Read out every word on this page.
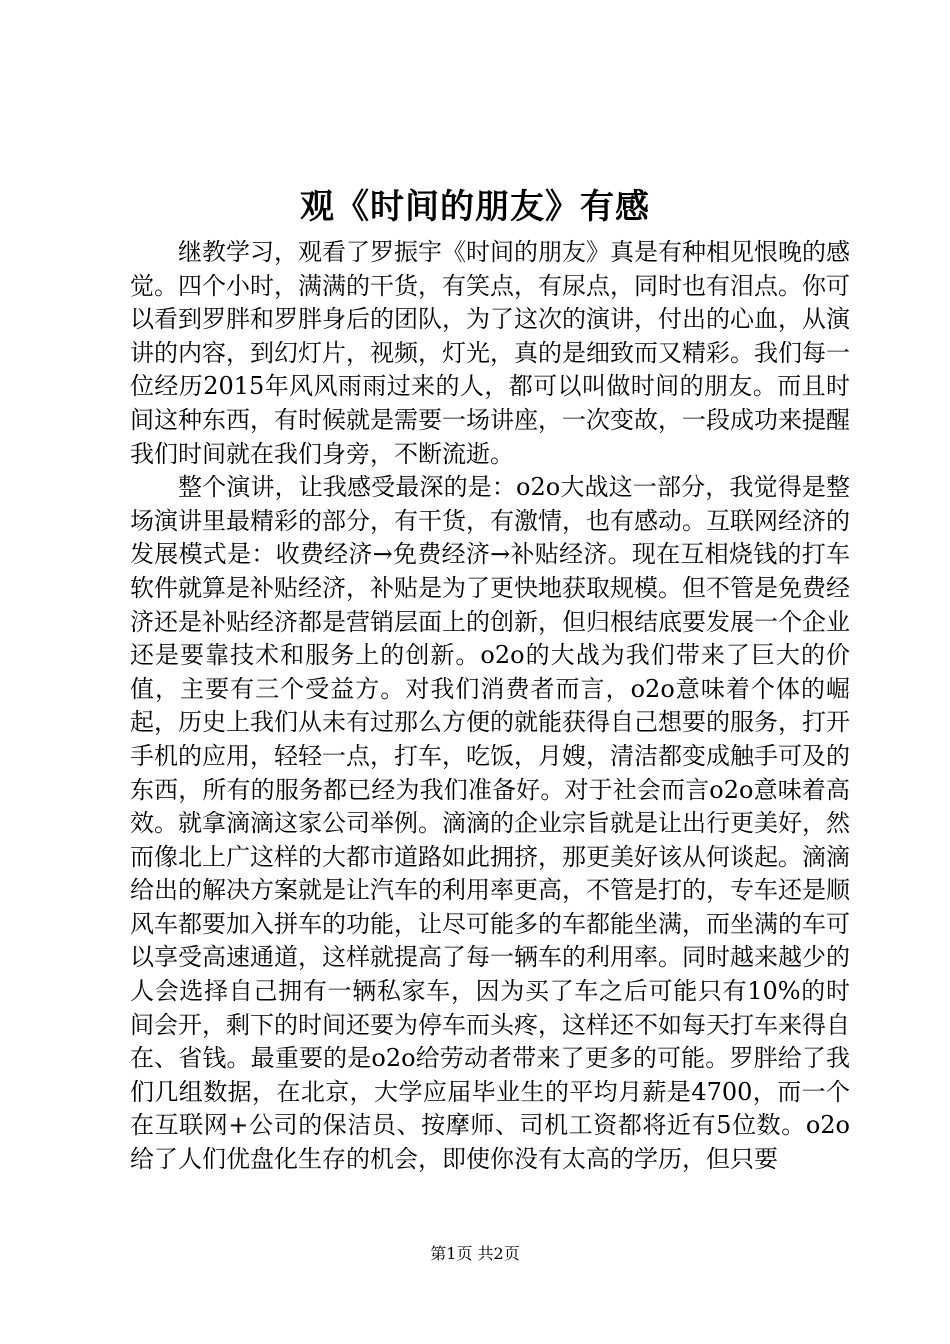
观《时间的朋友》有感

继教学习，观看了罗振宇《时间的朋友》真是有种相见恨晚的感觉。四个小时，满满的干货，有笑点，有尿点，同时也有泪点。你可以看到罗胖和罗胖身后的团队，为了这次的演讲，付出的心血，从演讲的内容，到幻灯片，视频，灯光，真的是细致而又精彩。我们每一位经历2015年风风雨雨过来的人，都可以叫做时间的朋友。而且时间这种东西，有时候就是需要一场讲座，一次变故，一段成功来提醒我们时间就在我们身旁，不断流逝。

整个演讲，让我感受最深的是：o2o大战这一部分，我觉得是整场演讲里最精彩的部分，有干货，有激情，也有感动。互联网经济的发展模式是：收费经济→免费经济→补贴经济。现在互相烧钱的打车软件就算是补贴经济，补贴是为了更快地获取规模。但不管是免费经济还是补贴经济都是营销层面上的创新，但归根结底要发展一个企业还是要靠技术和服务上的创新。o2o的大战为我们带来了巨大的价值，主要有三个受益方。对我们消费者而言，o2o意味着个体的崛起，历史上我们从未有过那么方便的就能获得自己想要的服务，打开手机的应用，轻轻一点，打车，吃饭，月嫂，清洁都变成触手可及的东西，所有的服务都已经为我们准备好。对于社会而言o2o意味着高效。就拿滴滴这家公司举例。滴滴的企业宗旨就是让出行更美好，然而像北上广这样的大都市道路如此拥挤，那更美好该从何谈起。滴滴给出的解决方案就是让汽车的利用率更高，不管是打的，专车还是顺风车都要加入拼车的功能，让尽可能多的车都能坐满，而坐满的车可以享受高速通道，这样就提高了每一辆车的利用率。同时越来越少的人会选择自己拥有一辆私家车，因为买了车之后可能只有10%的时间会开，剩下的时间还要为停车而头疼，这样还不如每天打车来得自在、省钱。最重要的是o2o给劳动者带来了更多的可能。罗胖给了我们几组数据，在北京，大学应届毕业生的平均月薪是4700，而一个在互联网+公司的保洁员、按摩师、司机工资都将近有5位数。o2o给了人们优盘化生存的机会，即使你没有太高的学历，但只要

第1页 共2页
